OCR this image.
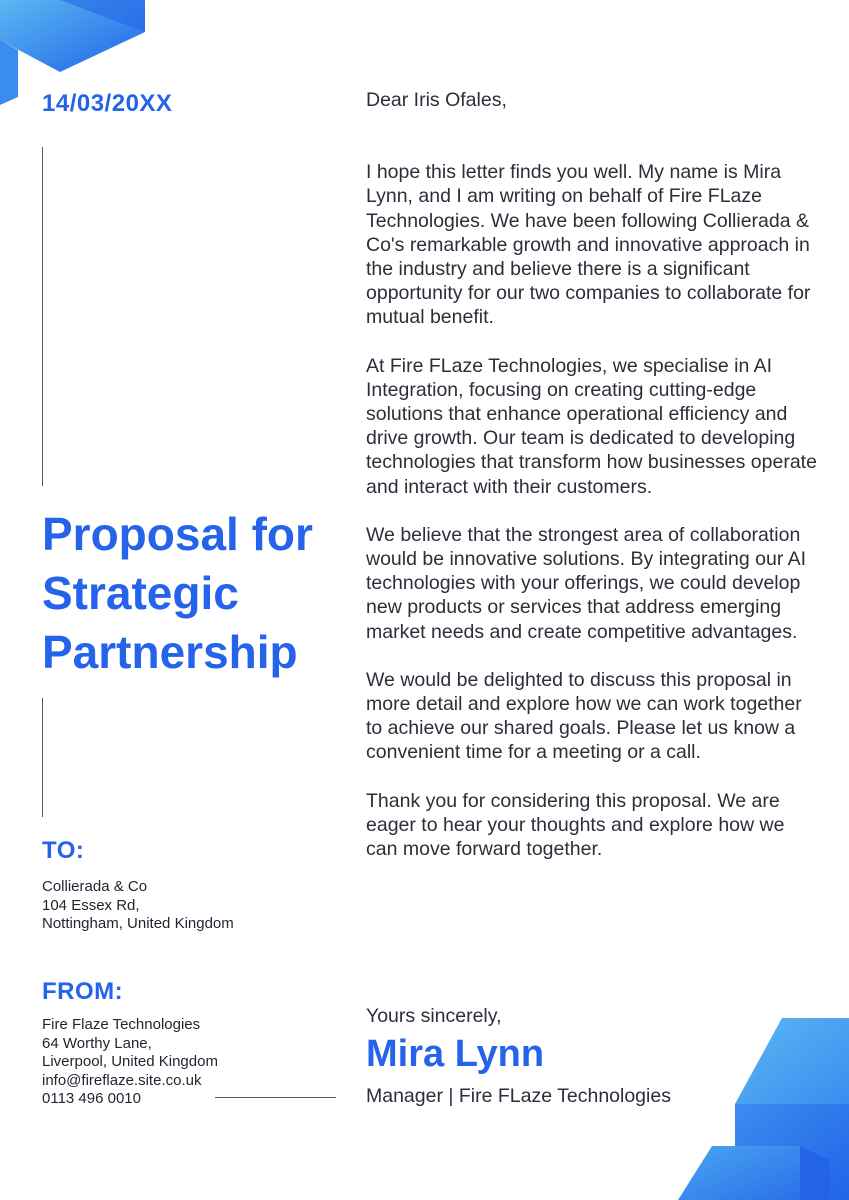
14/03/20XX
Proposal for
Strategic
Partnership
TO:
Collierada & Co
104 Essex Rd,
Nottingham, United Kingdom
FROM:
Fire Flaze Technologies
64 Worthy Lane,
Liverpool, United Kingdom
info@fireflaze.site.co.uk
0113 496 0010

Dear Iris Ofales,

I hope this letter finds you well. My name is Mira Lynn, and I am writing on behalf of Fire FLaze Technologies. We have been following Collierada & Co's remarkable growth and innovative approach in the industry and believe there is a significant opportunity for our two companies to collaborate for mutual benefit.

At Fire FLaze Technologies, we specialise in AI Integration, focusing on creating cutting-edge solutions that enhance operational efficiency and drive growth. Our team is dedicated to developing technologies that transform how businesses operate and interact with their customers.

We believe that the strongest area of collaboration would be innovative solutions. By integrating our AI technologies with your offerings, we could develop new products or services that address emerging market needs and create competitive advantages.

We would be delighted to discuss this proposal in more detail and explore how we can work together to achieve our shared goals. Please let us know a convenient time for a meeting or a call.

Thank you for considering this proposal. We are eager to hear your thoughts and explore how we can move forward together.

Yours sincerely,
Mira Lynn
Manager | Fire FLaze Technologies
